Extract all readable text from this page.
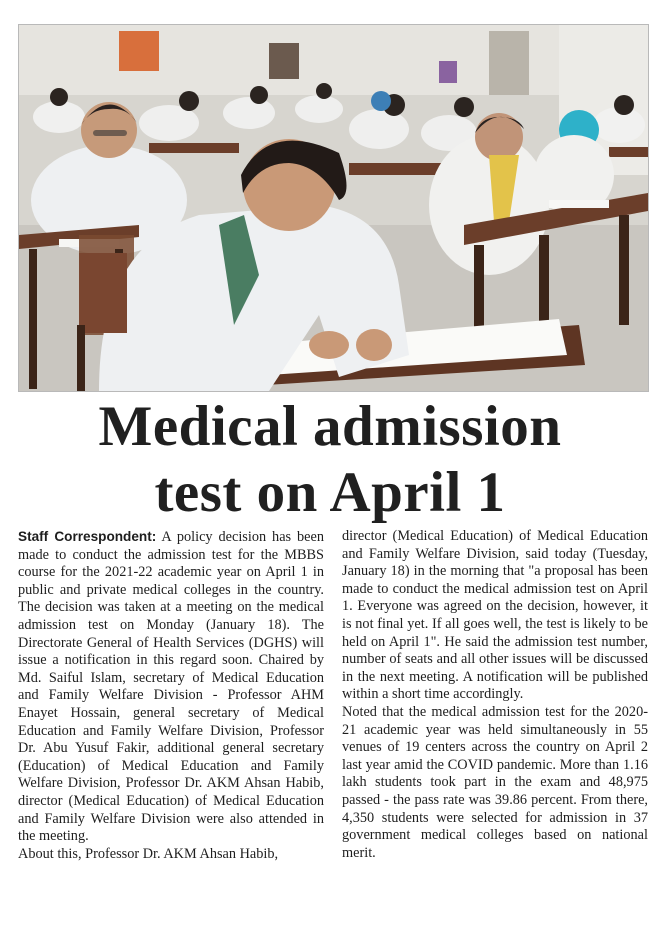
Medical admission
test on April 1

Staff Correspondent: A policy decision has been made to conduct the admission test for the MBBS course for the 2021-22 academic year on April 1 in public and private medical colleges in the country. The decision was taken at a meeting on the medical admission test on Monday (January 18). The Directorate General of Health Services (DGHS) will issue a notification in this regard soon. Chaired by Md. Saiful Islam, secretary of Medical Education and Family Welfare Division - Professor AHM Enayet Hossain, general secretary of Medical Education and Family Welfare Division, Professor Dr. Abu Yusuf Fakir, additional general secretary (Education) of Medical Education and Family Welfare Division, Professor Dr. AKM Ahsan Habib, director (Medical Education) of Medical Education and Family Welfare Division were also attended in the meeting.

About this, Professor Dr. AKM Ahsan Habib,

director (Medical Education) of Medical Education and Family Welfare Division, said today (Tuesday, January 18) in the morning that "a proposal has been made to conduct the medical admission test on April 1. Everyone was agreed on the decision, however, it is not final yet. If all goes well, the test is likely to be held on April 1". He said the admission test number, number of seats and all other issues will be discussed in the next meeting. A notification will be published within a short time accordingly.

Noted that the medical admission test for the 2020-21 academic year was held simultaneously in 55 venues of 19 centers across the country on April 2 last year amid the COVID pandemic. More than 1.16 lakh students took part in the exam and 48,975 passed - the pass rate was 39.86 percent. From there, 4,350 students were selected for admission in 37 government medical colleges based on national merit.
